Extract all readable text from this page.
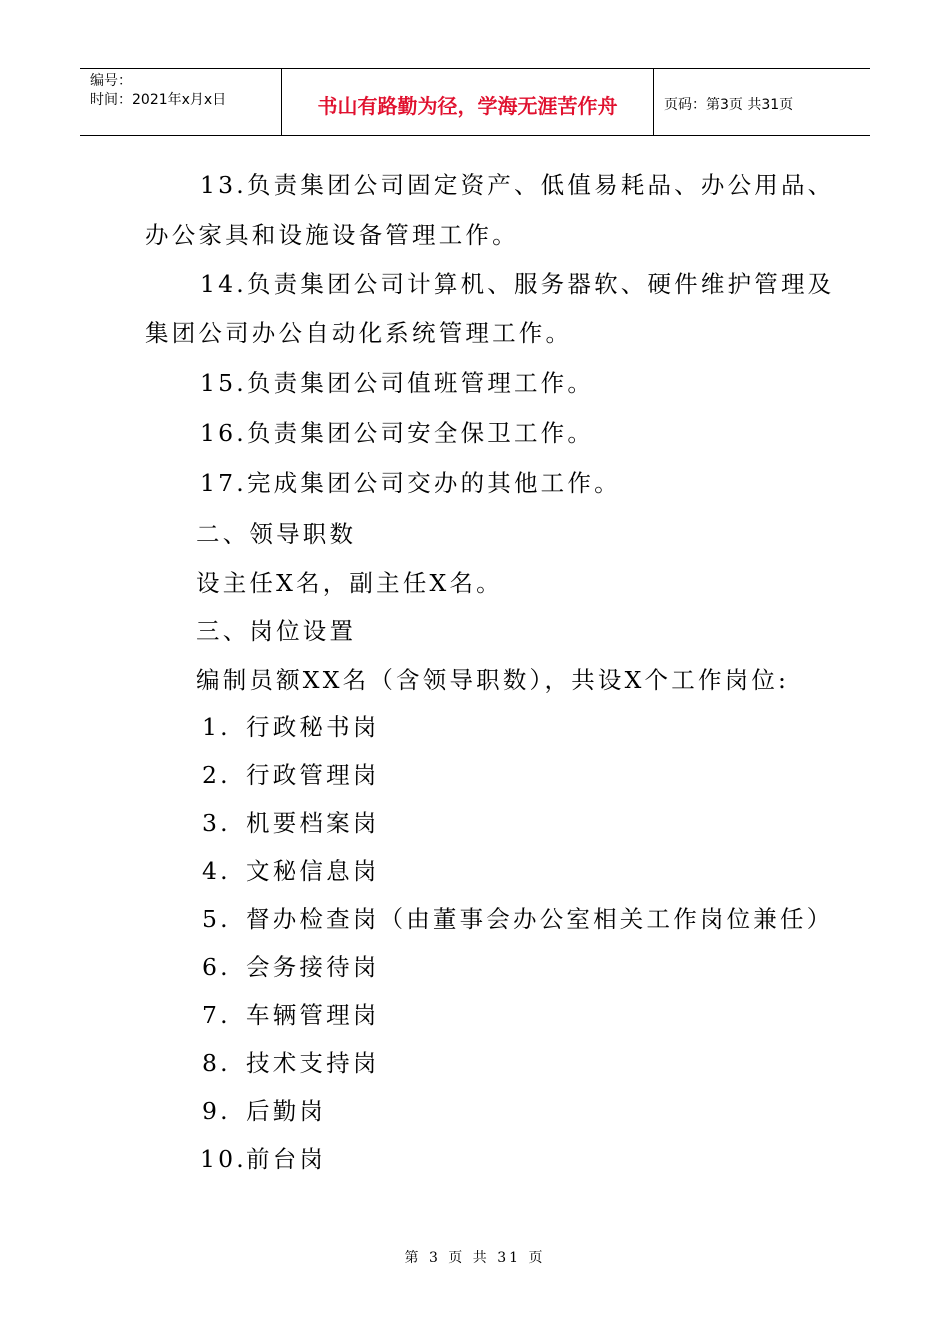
编号：
时间：2021年x月x日	书山有路勤为径，学海无涯苦作舟	页码：第3页 共31页
13.负责集团公司固定资产、低值易耗品、办公用品、
办公家具和设施设备管理工作。
14.负责集团公司计算机、服务器软、硬件维护管理及
集团公司办公自动化系统管理工作。
15.负责集团公司值班管理工作。
16.负责集团公司安全保卫工作。
17.完成集团公司交办的其他工作。
二、领导职数
设主任X名，副主任X名。
三、岗位设置
编制员额XX名（含领导职数），共设X个工作岗位:
1. 行政秘书岗
2. 行政管理岗
3. 机要档案岗
4. 文秘信息岗
5. 督办检查岗（由董事会办公室相关工作岗位兼任）
6. 会务接待岗
7. 车辆管理岗
8. 技术支持岗
9. 后勤岗
10. 前台岗
第 3 页 共 31 页
